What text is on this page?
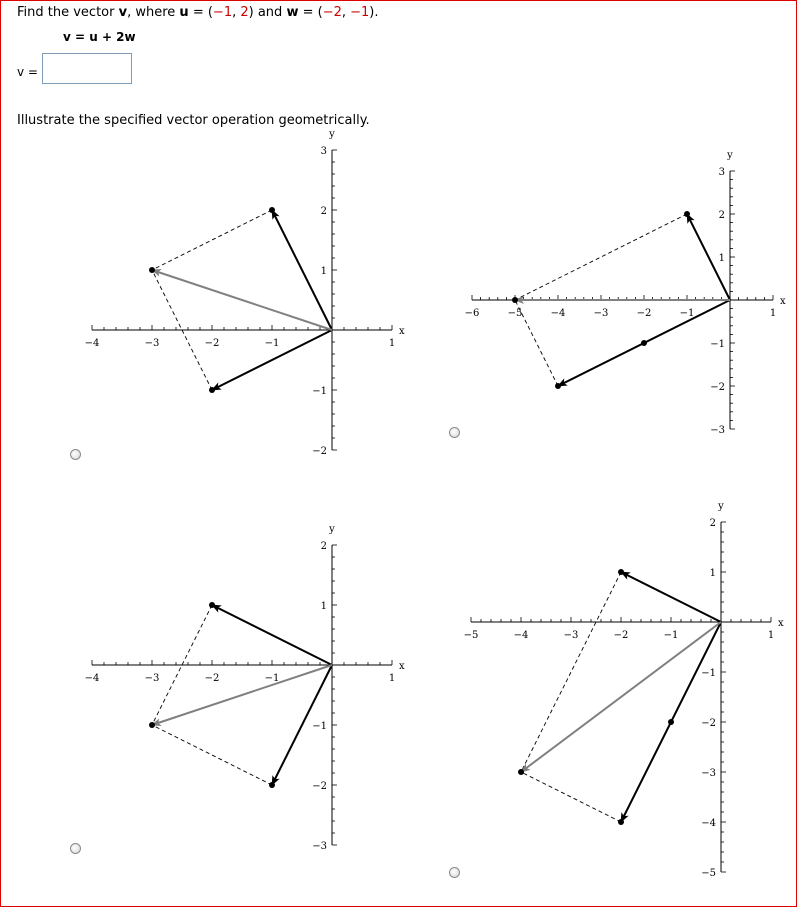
Find the vector v, where u = (−1, 2) and w = (−2, −1).
v = u + 2w
v =
Illustrate the specified vector operation geometrically.
−4	−3	−2	−1	1
−2
−1
1
2
3
x
y
−6	−5	−4	−3	−2	−1	1
−3
−2
−1
1
2
3
x
y
−4	−3	−2	−1	1
−3
−2
−1
1
2
x
y
−5	−4	−3	−2	−1	1
−5
−4
−3
−2
−1
1
2
x
y
